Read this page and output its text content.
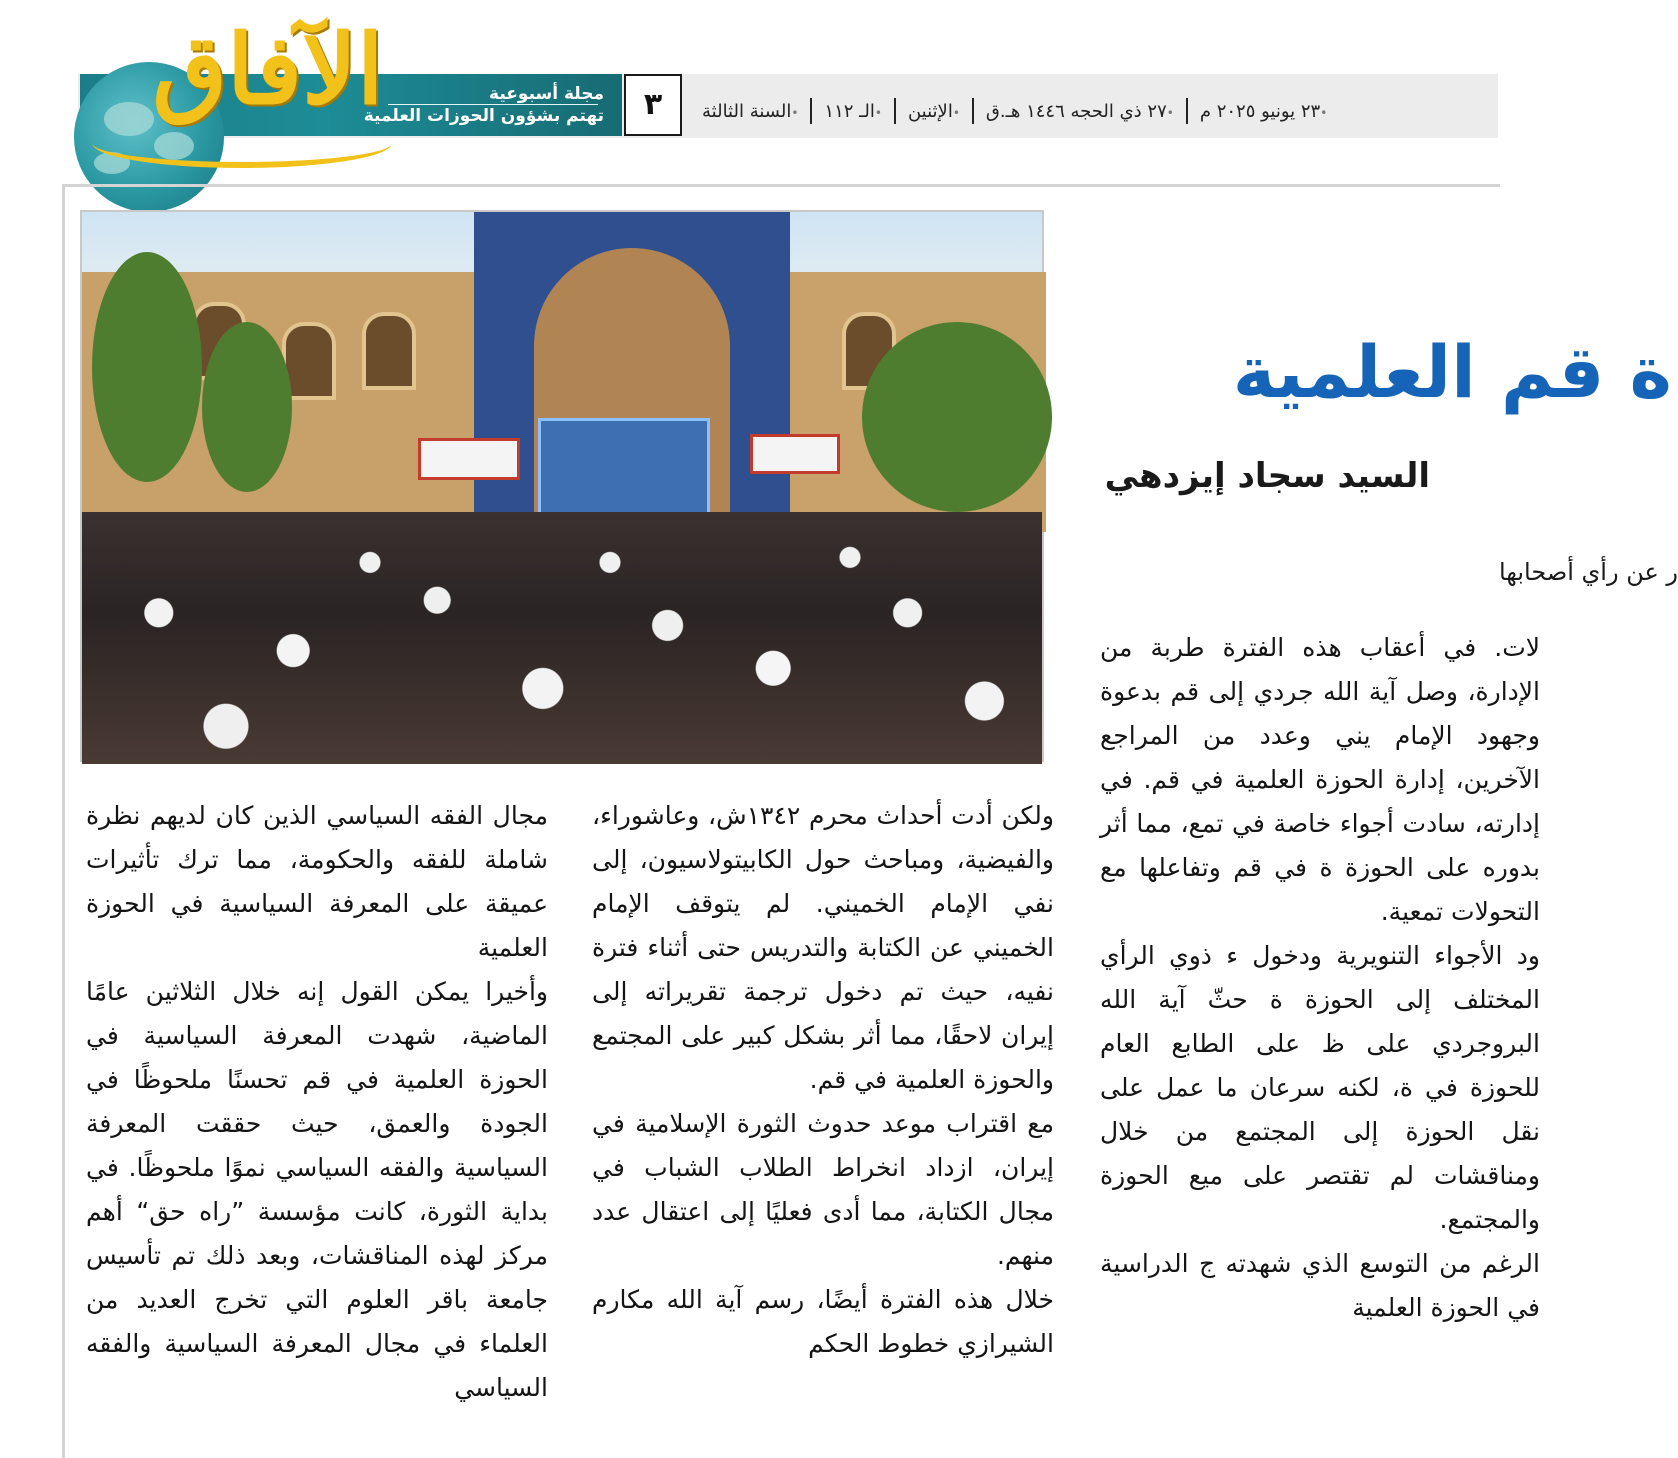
الآفاق	مجلة أسبوعية
تهتم بشؤون الحوزات العلمية	٣	• السنة الثالثة	• الـ ١١٢	• الإثنين	• ٢٧ ذي الحجه ١٤٤٦ هـ.ق	• ٢٣ يونيو ٢٠٢٥ م
ة قم العلمية
السيد سجاد إيزدهي
ر عن رأي أصحابها

لات. في أعقاب هذه الفترة طربة من الإدارة، وصل آية الله جردي إلى قم بدعوة وجهود الإمام يني وعدد من المراجع الآخرين، إدارة الحوزة العلمية في قم. في إدارته، سادت أجواء خاصة في تمع، مما أثر بدوره على الحوزة ة في قم وتفاعلها مع التحولات تمعية.

ود الأجواء التنويرية ودخول ء ذوي الرأي المختلف إلى الحوزة ة حثّ آية الله البروجردي على ظ على الطابع العام للحوزة في ة، لكنه سرعان ما عمل على نقل الحوزة إلى المجتمع من خلال ومناقشات لم تقتصر على ميع الحوزة والمجتمع.

الرغم من التوسع الذي شهدته ج الدراسية في الحوزة العلمية

ولكن أدت أحداث محرم ١٣٤٢ش، وعاشوراء، والفيضية، ومباحث حول الكابيتولاسيون، إلى نفي الإمام الخميني. لم يتوقف الإمام الخميني عن الكتابة والتدريس حتى أثناء فترة نفيه، حيث تم دخول ترجمة تقريراته إلى إيران لاحقًا، مما أثر بشكل كبير على المجتمع والحوزة العلمية في قم.

مع اقتراب موعد حدوث الثورة الإسلامية في إيران، ازداد انخراط الطلاب الشباب في مجال الكتابة، مما أدى فعليًا إلى اعتقال عدد منهم.

خلال هذه الفترة أيضًا، رسم آية الله مكارم الشيرازي خطوط الحكم

مجال الفقه السياسي الذين كان لديهم نظرة شاملة للفقه والحكومة، مما ترك تأثيرات عميقة على المعرفة السياسية في الحوزة العلمية

وأخيرا يمكن القول إنه خلال الثلاثين عامًا الماضية، شهدت المعرفة السياسية في الحوزة العلمية في قم تحسنًا ملحوظًا في الجودة والعمق، حيث حققت المعرفة السياسية والفقه السياسي نموًا ملحوظًا. في بداية الثورة، كانت مؤسسة ”راه حق“ أهم مركز لهذه المناقشات، وبعد ذلك تم تأسيس جامعة باقر العلوم التي تخرج العديد من العلماء في مجال المعرفة السياسية والفقه السياسي
